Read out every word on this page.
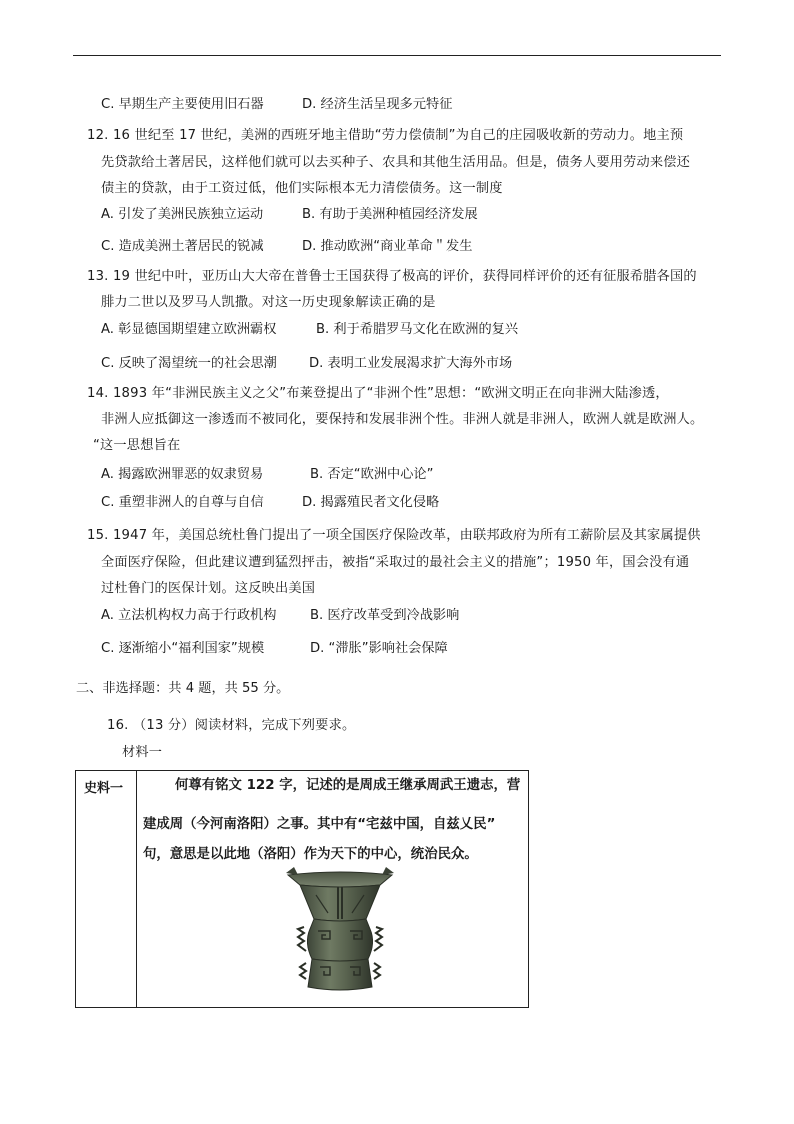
C. 早期生产主要使用旧石器	D. 经济生活呈现多元特征
12. 16 世纪至 17 世纪，美洲的西班牙地主借助“劳力偿债制”为自己的庄园吸收新的劳动力。地主预
先贷款给土著居民，这样他们就可以去买种子、农具和其他生活用品。但是，债务人要用劳动来偿还
债主的贷款，由于工资过低，他们实际根本无力清偿债务。这一制度
A. 引发了美洲民族独立运动	B. 有助于美洲种植园经济发展
C. 造成美洲土著居民的锐减	D. 推动欧洲“商业革命＂发生
13. 19 世纪中叶，亚历山大大帝在普鲁士王国获得了极高的评价，获得同样评价的还有征服希腊各国的
腓力二世以及罗马人凯撒。对这一历史现象解读正确的是
A. 彰显德国期望建立欧洲霸权	B. 利于希腊罗马文化在欧洲的复兴
C. 反映了渴望统一的社会思潮 D. 表明工业发展渴求扩大海外市场
14. 1893 年“非洲民族主义之父”布莱登提出了“非洲个性”思想：“欧洲文明正在向非洲大陆渗透，
非洲人应抵御这一渗透而不被同化，要保持和发展非洲个性。非洲人就是非洲人，欧洲人就是欧洲人。
“这一思想旨在
A. 揭露欧洲罪恶的奴隶贸易	B. 否定“欧洲中心论”
C. 重塑非洲人的自尊与自信	D. 揭露殖民者文化侵略
15. 1947 年，美国总统杜鲁门提出了一项全国医疗保险改革，由联邦政府为所有工薪阶层及其家属提供
全面医疗保险，但此建议遭到猛烈抨击，被指“采取过的最社会主义的措施”；1950 年，国会没有通
过杜鲁门的医保计划。这反映出美国
A. 立法机构权力高于行政机构	B. 医疗改革受到冷战影响
C. 逐渐缩小“福利国家”规模	D. “滞胀”影响社会保障
二、非选择题：共 4 题，共 55 分。
16. （13 分）阅读材料，完成下列要求。
材料一
史料一	何尊有铭文 122 字，记述的是周成王继承周武王遗志，营
建成周（今河南洛阳）之事。其中有“宅兹中国，自兹乂民”
句，意思是以此地（洛阳）作为天下的中心，统治民众。
